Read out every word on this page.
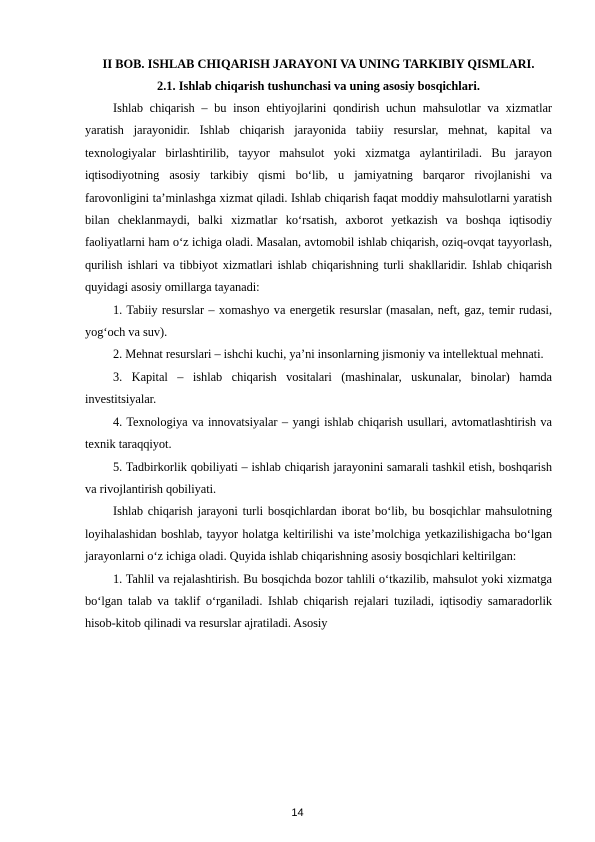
II BOB. ISHLAB CHIQARISH JARAYONI VA UNING TARKIBIY QISMLARI.
2.1. Ishlab chiqarish tushunchasi va uning asosiy bosqichlari.

Ishlab chiqarish – bu inson ehtiyojlarini qondirish uchun mahsulotlar va xizmatlar yaratish jarayonidir. Ishlab chiqarish jarayonida tabiiy resurslar, mehnat, kapital va texnologiyalar birlashtirilib, tayyor mahsulot yoki xizmatga aylantiriladi. Bu jarayon iqtisodiyotning asosiy tarkibiy qismi bo‘lib, u jamiyatning barqaror rivojlanishi va farovonligini ta’minlashga xizmat qiladi. Ishlab chiqarish faqat moddiy mahsulotlarni yaratish bilan cheklanmaydi, balki xizmatlar ko‘rsatish, axborot yetkazish va boshqa iqtisodiy faoliyatlarni ham o‘z ichiga oladi. Masalan, avtomobil ishlab chiqarish, oziq-ovqat tayyorlash, qurilish ishlari va tibbiyot xizmatlari ishlab chiqarishning turli shakllaridir. Ishlab chiqarish quyidagi asosiy omillarga tayanadi:

1. Tabiiy resurslar – xomashyo va energetik resurslar (masalan, neft, gaz, temir rudasi, yog‘och va suv).

2. Mehnat resurslari – ishchi kuchi, ya’ni insonlarning jismoniy va intellektual mehnati.

3. Kapital – ishlab chiqarish vositalari (mashinalar, uskunalar, binolar) hamda investitsiyalar.

4. Texnologiya va innovatsiyalar – yangi ishlab chiqarish usullari, avtomatlashtirish va texnik taraqqiyot.

5. Tadbirkorlik qobiliyati – ishlab chiqarish jarayonini samarali tashkil etish, boshqarish va rivojlantirish qobiliyati.

Ishlab chiqarish jarayoni turli bosqichlardan iborat bo‘lib, bu bosqichlar mahsulotning loyihalashidan boshlab, tayyor holatga keltirilishi va iste’molchiga yetkazilishigacha bo‘lgan jarayonlarni o‘z ichiga oladi. Quyida ishlab chiqarishning asosiy bosqichlari keltirilgan:

1. Tahlil va rejalashtirish. Bu bosqichda bozor tahlili o‘tkazilib, mahsulot yoki xizmatga bo‘lgan talab va taklif o‘rganiladi. Ishlab chiqarish rejalari tuziladi, iqtisodiy samaradorlik hisob-kitob qilinadi va resurslar ajratiladi. Asosiy

14
